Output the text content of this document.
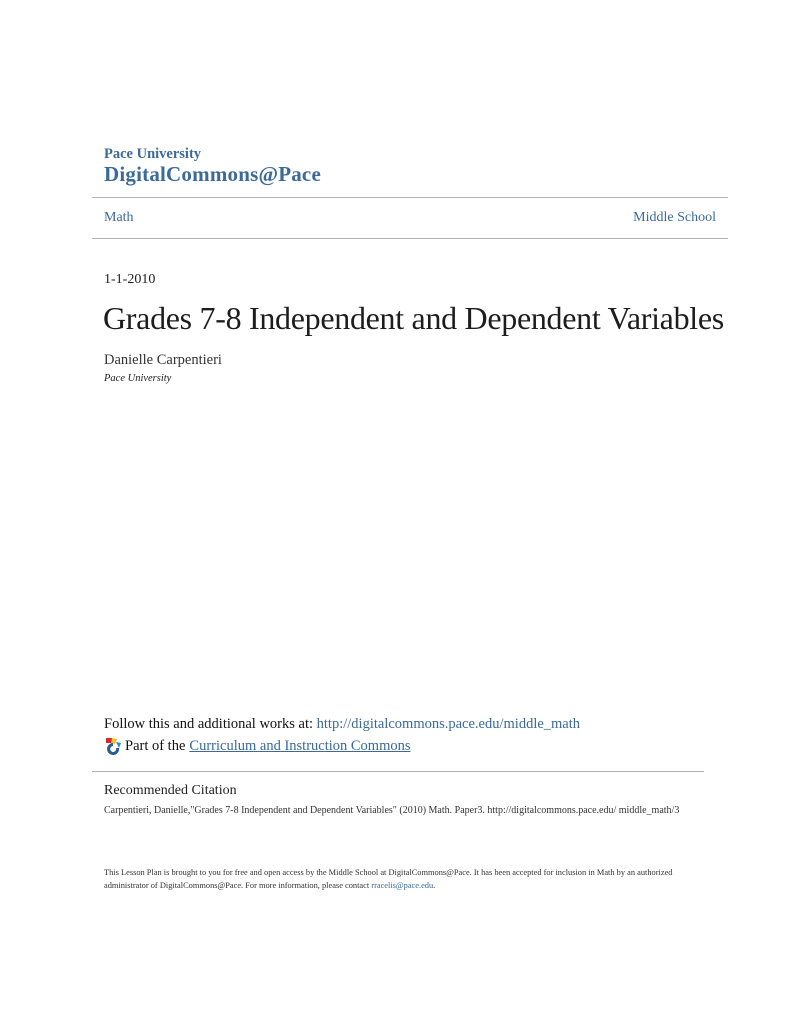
Pace University
DigitalCommons@Pace
Math	Middle School
1-1-2010
Grades 7-8 Independent and Dependent Variables
Danielle Carpentieri
Pace University
Follow this and additional works at: http://digitalcommons.pace.edu/middle_math
Part of the Curriculum and Instruction Commons
Recommended Citation
Carpentieri, Danielle,"Grades 7-8 Independent and Dependent Variables" (2010) Math. Paper3. http://digitalcommons.pace.edu/ middle_math/3
This Lesson Plan is brought to you for free and open access by the Middle School at DigitalCommons@Pace. It has been accepted for inclusion in Math by an authorized administrator of DigitalCommons@Pace. For more information, please contact rracelis@pace.edu.
